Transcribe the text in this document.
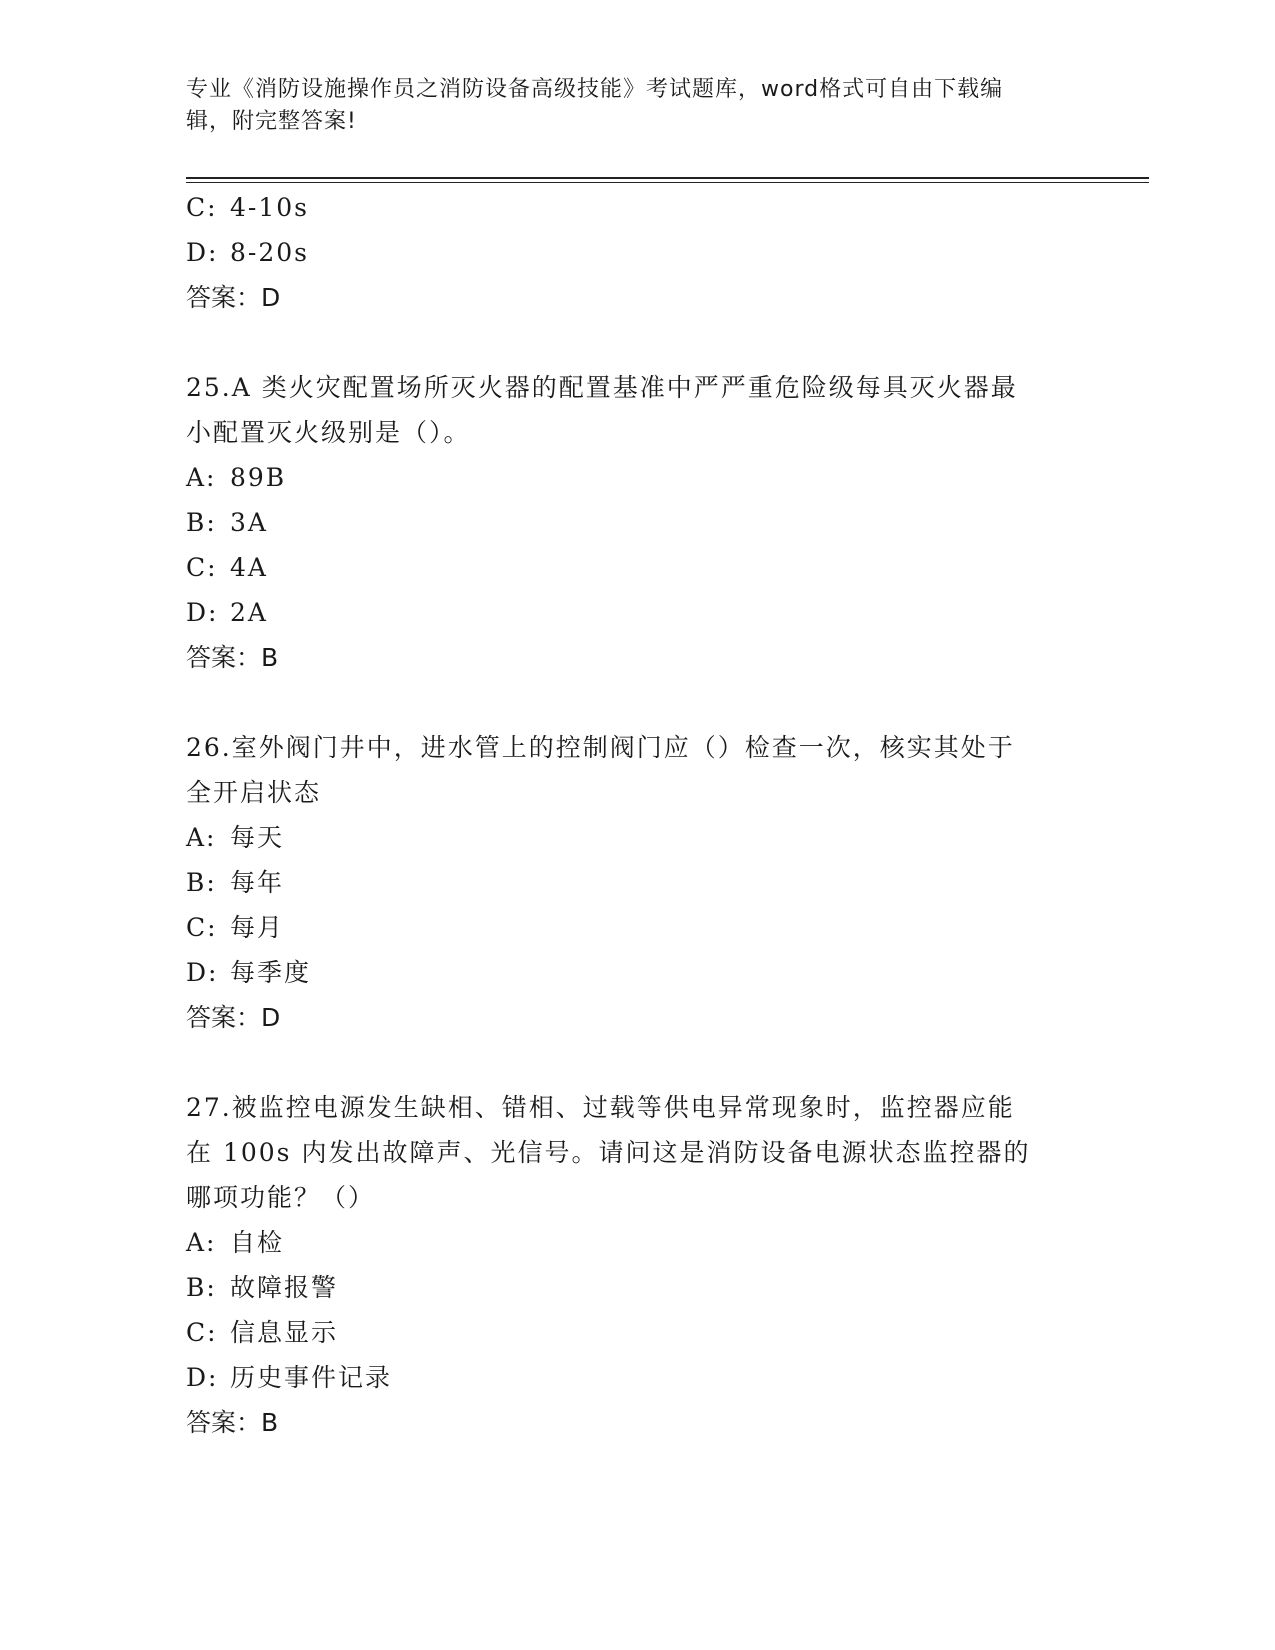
专业《消防设施操作员之消防设备高级技能》考试题库，word格式可自由下载编
辑，附完整答案!
C: 4-10s
D: 8-20s
答案：D
25.A 类火灾配置场所灭火器的配置基准中严严重危险级每具灭火器最
小配置灭火级别是（）。
A: 89B
B: 3A
C: 4A
D: 2A
答案：B
26.室外阀门井中，进水管上的控制阀门应（）检查一次，核实其处于
全开启状态
A: 每天
B: 每年
C: 每月
D: 每季度
答案：D
27.被监控电源发生缺相、错相、过载等供电异常现象时，监控器应能
在 100s 内发出故障声、光信号。请问这是消防设备电源状态监控器的
哪项功能？（）
A: 自检
B: 故障报警
C: 信息显示
D: 历史事件记录
答案：B
